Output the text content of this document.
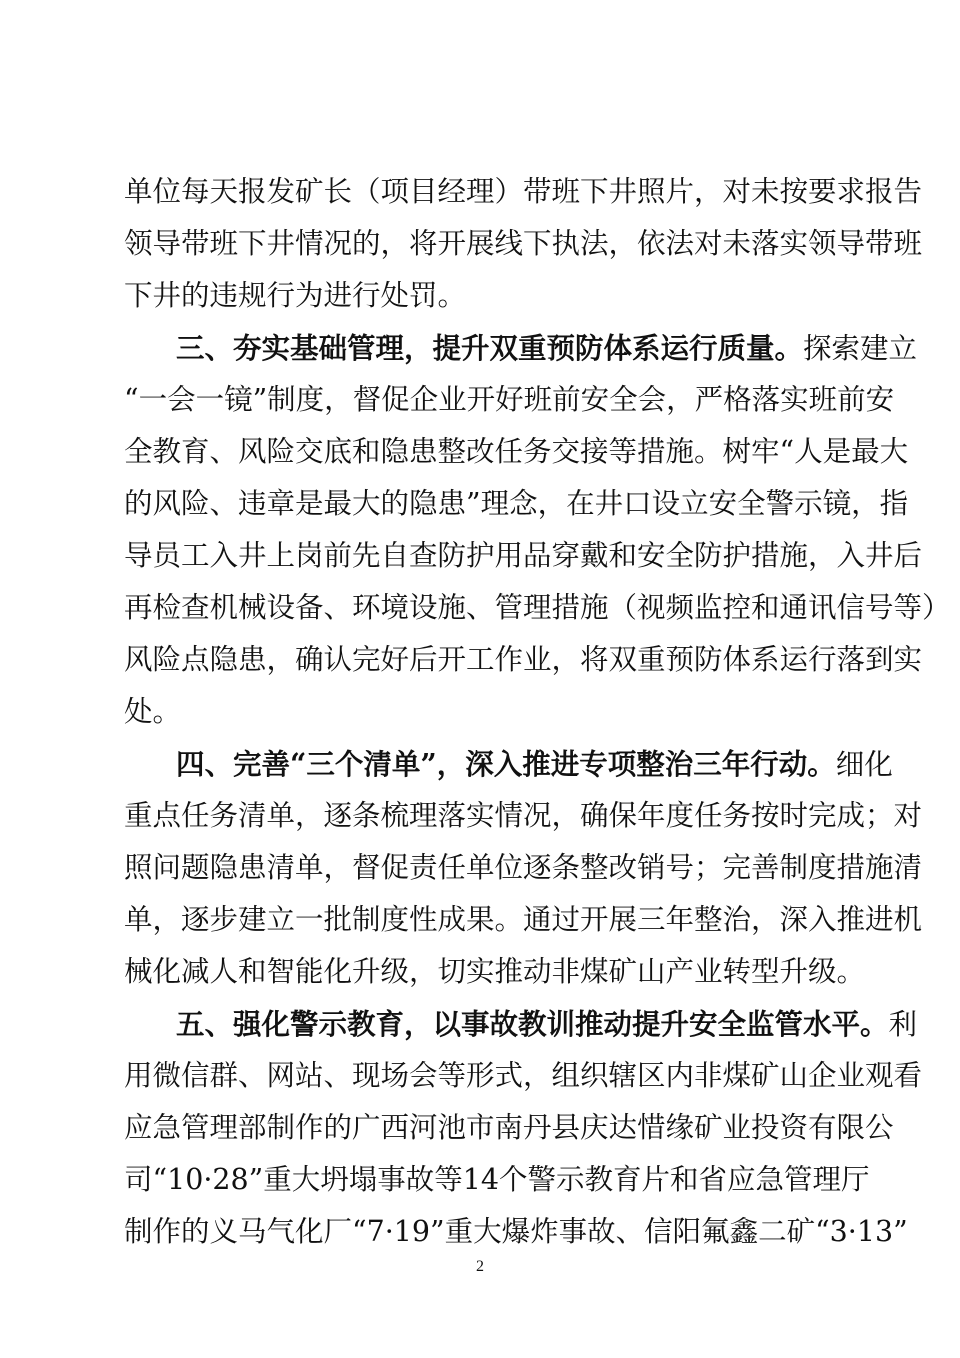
单位每天报发矿长（项目经理）带班下井照片，对未按要求报告
领导带班下井情况的，将开展线下执法，依法对未落实领导带班
下井的违规行为进行处罚。
三、夯实基础管理，提升双重预防体系运行质量。探索建立
“一会一镜”制度，督促企业开好班前安全会，严格落实班前安
全教育、风险交底和隐患整改任务交接等措施。树牢“人是最大
的风险、违章是最大的隐患”理念，在井口设立安全警示镜，指
导员工入井上岗前先自查防护用品穿戴和安全防护措施，入井后
再检查机械设备、环境设施、管理措施（视频监控和通讯信号等）
风险点隐患，确认完好后开工作业，将双重预防体系运行落到实
处。
四、完善“三个清单”，深入推进专项整治三年行动。细化
重点任务清单，逐条梳理落实情况，确保年度任务按时完成；对
照问题隐患清单，督促责任单位逐条整改销号；完善制度措施清
单，逐步建立一批制度性成果。通过开展三年整治，深入推进机
械化减人和智能化升级，切实推动非煤矿山产业转型升级。
五、强化警示教育，以事故教训推动提升安全监管水平。利
用微信群、网站、现场会等形式，组织辖区内非煤矿山企业观看
应急管理部制作的广西河池市南丹县庆达惜缘矿业投资有限公
司“10·28”重大坍塌事故等14个警示教育片和省应急管理厅
制作的义马气化厂“7·19”重大爆炸事故、信阳氟鑫二矿“3·13”
2
